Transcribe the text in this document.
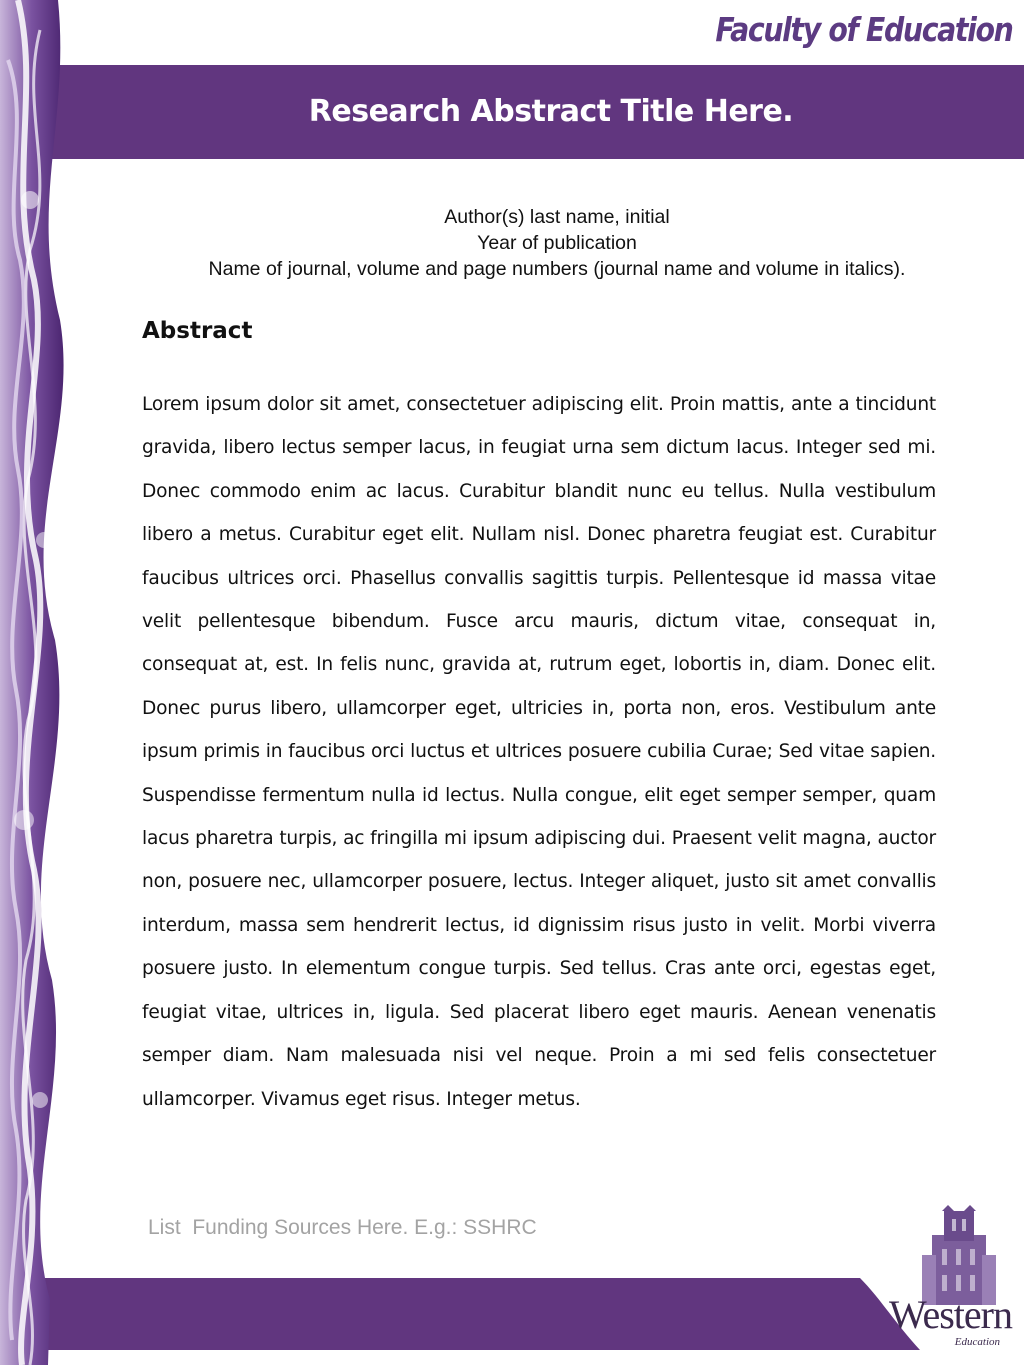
Faculty of Education
Research Abstract Title Here.
Author(s) last name, initial
Year of publication
Name of journal, volume and page numbers (journal name and volume in italics).
Abstract
Lorem ipsum dolor sit amet, consectetuer adipiscing elit. Proin mattis, ante a tincidunt gravida, libero lectus semper lacus, in feugiat urna sem dictum lacus. Integer sed mi. Donec commodo enim ac lacus. Curabitur blandit nunc eu tellus. Nulla vestibulum libero a metus. Curabitur eget elit. Nullam nisl. Donec pharetra feugiat est. Curabitur faucibus ultrices orci. Phasellus convallis sagittis turpis. Pellentesque id massa vitae velit pellentesque bibendum. Fusce arcu mauris, dictum vitae, consequat in, consequat at, est. In felis nunc, gravida at, rutrum eget, lobortis in, diam. Donec elit. Donec purus libero, ullamcorper eget, ultricies in, porta non, eros. Vestibulum ante ipsum primis in faucibus orci luctus et ultrices posuere cubilia Curae; Sed vitae sapien. Suspendisse fermentum nulla id lectus. Nulla congue, elit eget semper semper, quam lacus pharetra turpis, ac fringilla mi ipsum adipiscing dui. Praesent velit magna, auctor non, posuere nec, ullamcorper posuere, lectus. Integer aliquet, justo sit amet convallis interdum, massa sem hendrerit lectus, id dignissim risus justo in velit. Morbi viverra posuere justo. In elementum congue turpis. Sed tellus. Cras ante orci, egestas eget, feugiat vitae, ultrices in, ligula. Sed placerat libero eget mauris. Aenean venenatis semper diam. Nam malesuada nisi vel neque. Proin a mi sed felis consectetuer ullamcorper. Vivamus eget risus. Integer metus.
List  Funding Sources Here. E.g.: SSHRC
Western
Education
